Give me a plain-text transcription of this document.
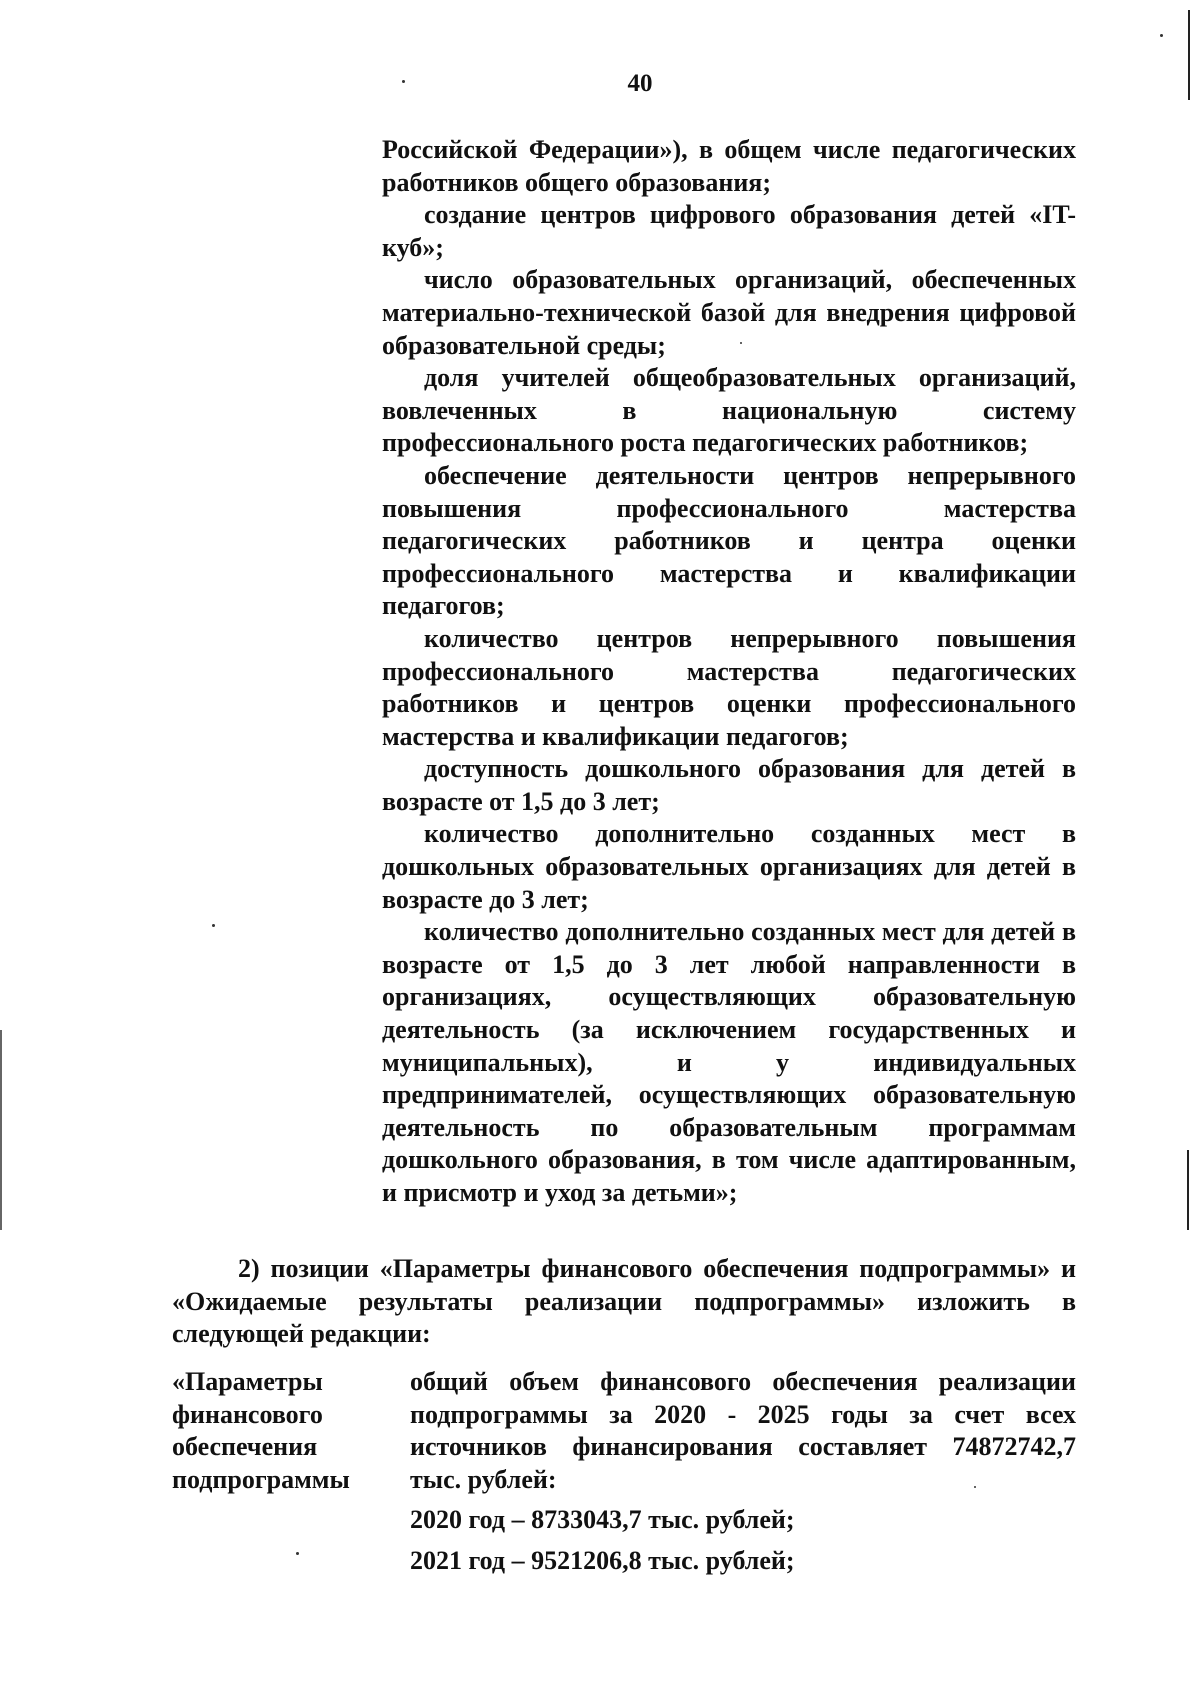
40

Российской Федерации»), в общем числе педагогических работников общего образования;

создание центров цифрового образования детей «IT-куб»;

число образовательных организаций, обеспеченных материально-технической базой для внедрения цифровой образовательной среды;

доля учителей общеобразовательных организаций, вовлеченных в национальную систему профессионального роста педагогических работников;

обеспечение деятельности центров непрерывного повышения профессионального мастерства педагогических работников и центра оценки профессионального мастерства и квалификации педагогов;

количество центров непрерывного повышения профессионального мастерства педагогических работников и центров оценки профессионального мастерства и квалификации педагогов;

доступность дошкольного образования для детей в возрасте от 1,5 до 3 лет;

количество дополнительно созданных мест в дошкольных образовательных организациях для детей в возрасте до 3 лет;

количество дополнительно созданных мест для детей в возрасте от 1,5 до 3 лет любой направленности в организациях, осуществляющих образовательную деятельность (за исключением государственных и муниципальных), и у индивидуальных предпринимателей, осуществляющих образовательную деятельность по образовательным программам дошкольного образования, в том числе адаптированным, и присмотр и уход за детьми»;

2) позиции «Параметры финансового обеспечения подпрограммы» и «Ожидаемые результаты реализации подпрограммы» изложить в следующей редакции:

«Параметры
финансового
обеспечения
подпрограммы

общий объем финансового обеспечения реализации подпрограммы за 2020 - 2025 годы за счет всех источников финансирования составляет 74872742,7 тыс. рублей:

2020 год – 8733043,7 тыс. рублей;

2021 год – 9521206,8 тыс. рублей;
